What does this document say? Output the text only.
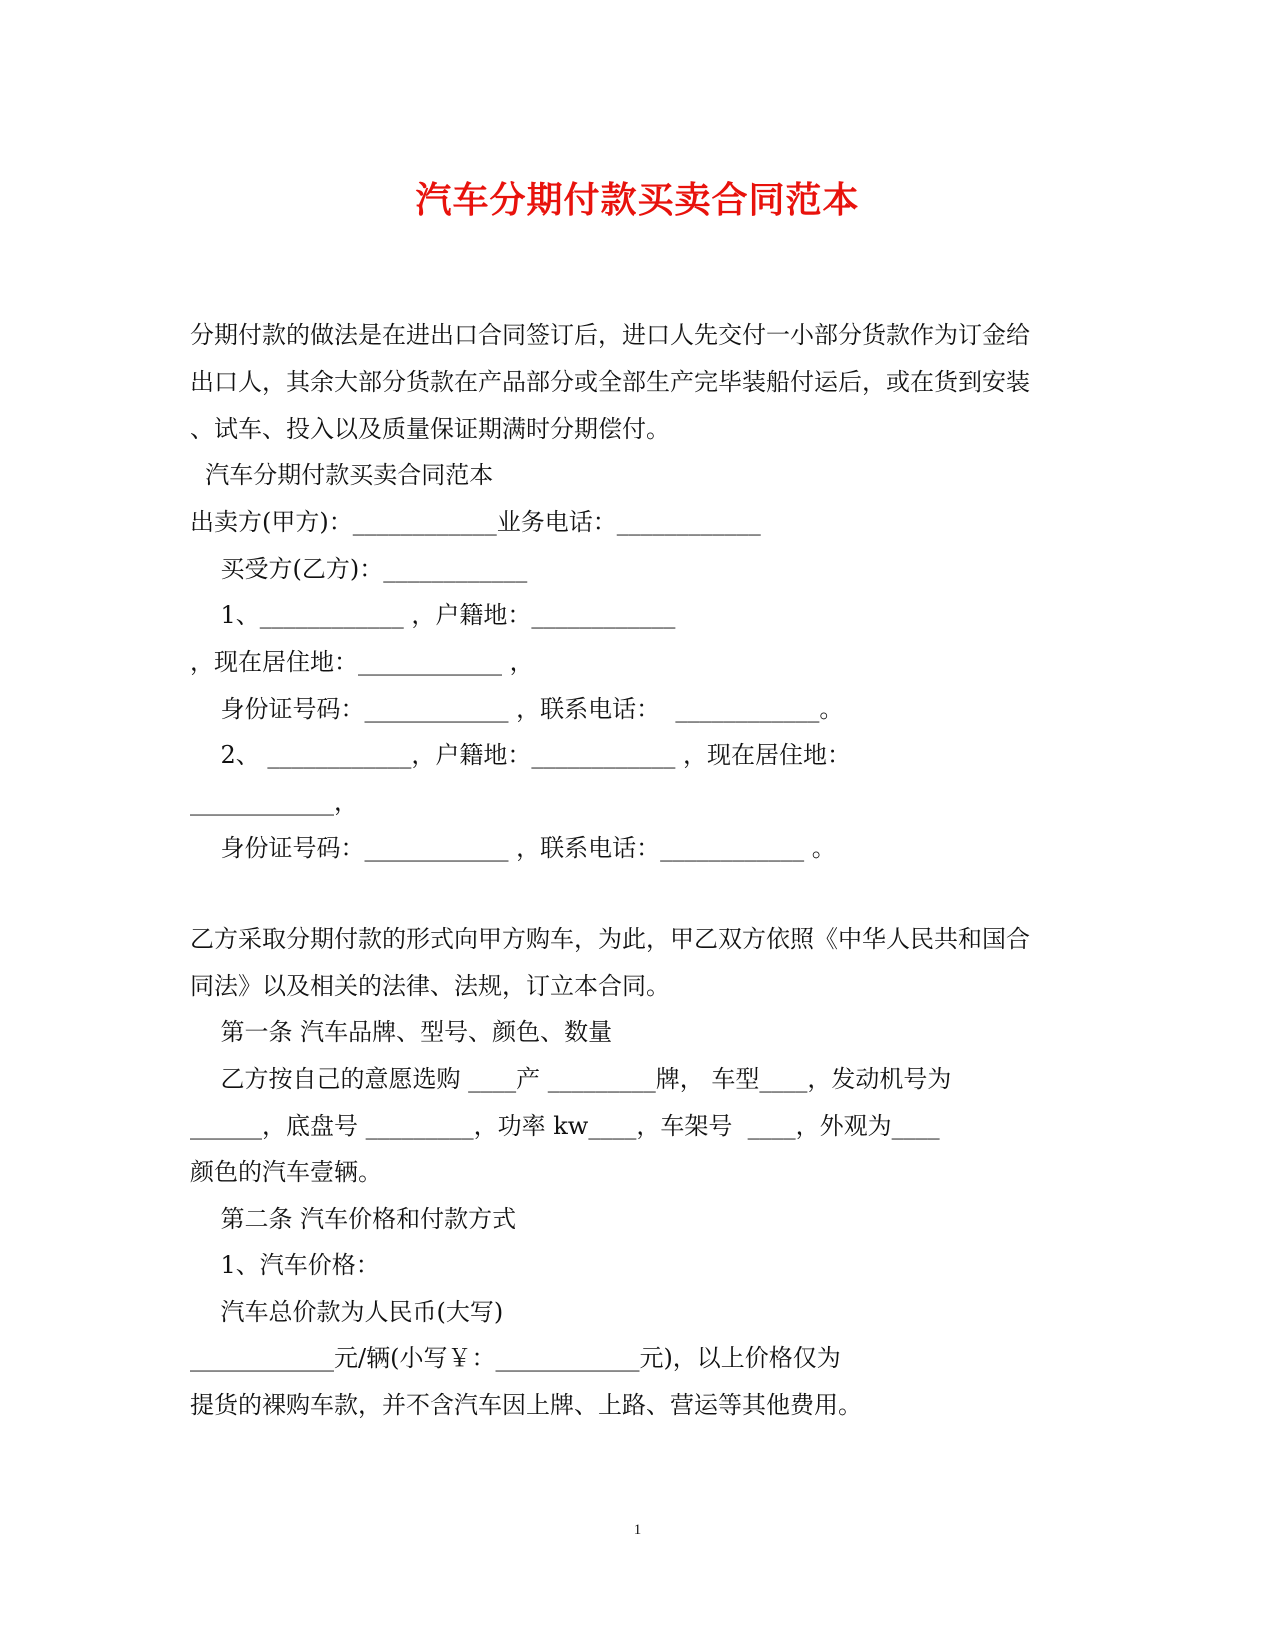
汽车分期付款买卖合同范本
分期付款的做法是在进出口合同签订后，进口人先交付一小部分货款作为订金给
出口人，其余大部分货款在产品部分或全部生产完毕装船付运后，或在货到安装
、试车、投入以及质量保证期满时分期偿付。
汽车分期付款买卖合同范本
出卖方(甲方)：____________业务电话：____________
买受方(乙方)：____________
1、____________ ，户籍地：____________
，现在居住地：____________ ，
身份证号码：____________ ，联系电话：  ____________。
2、 ____________，户籍地：____________ ，现在居住地：
____________，
身份证号码：____________ ，联系电话：____________ 。
乙方采取分期付款的形式向甲方购车，为此，甲乙双方依照《中华人民共和国合
同法》以及相关的法律、法规，订立本合同。
第一条 汽车品牌、型号、颜色、数量
乙方按自己的意愿选购 ____产 _________牌， 车型____，发动机号为
______，底盘号 _________，功率 kw____，车架号  ____，外观为____
颜色的汽车壹辆。
第二条 汽车价格和付款方式
1、汽车价格：
汽车总价款为人民币(大写)
____________元/辆(小写￥：____________元)，以上价格仅为
提货的裸购车款，并不含汽车因上牌、上路、营运等其他费用。
1
